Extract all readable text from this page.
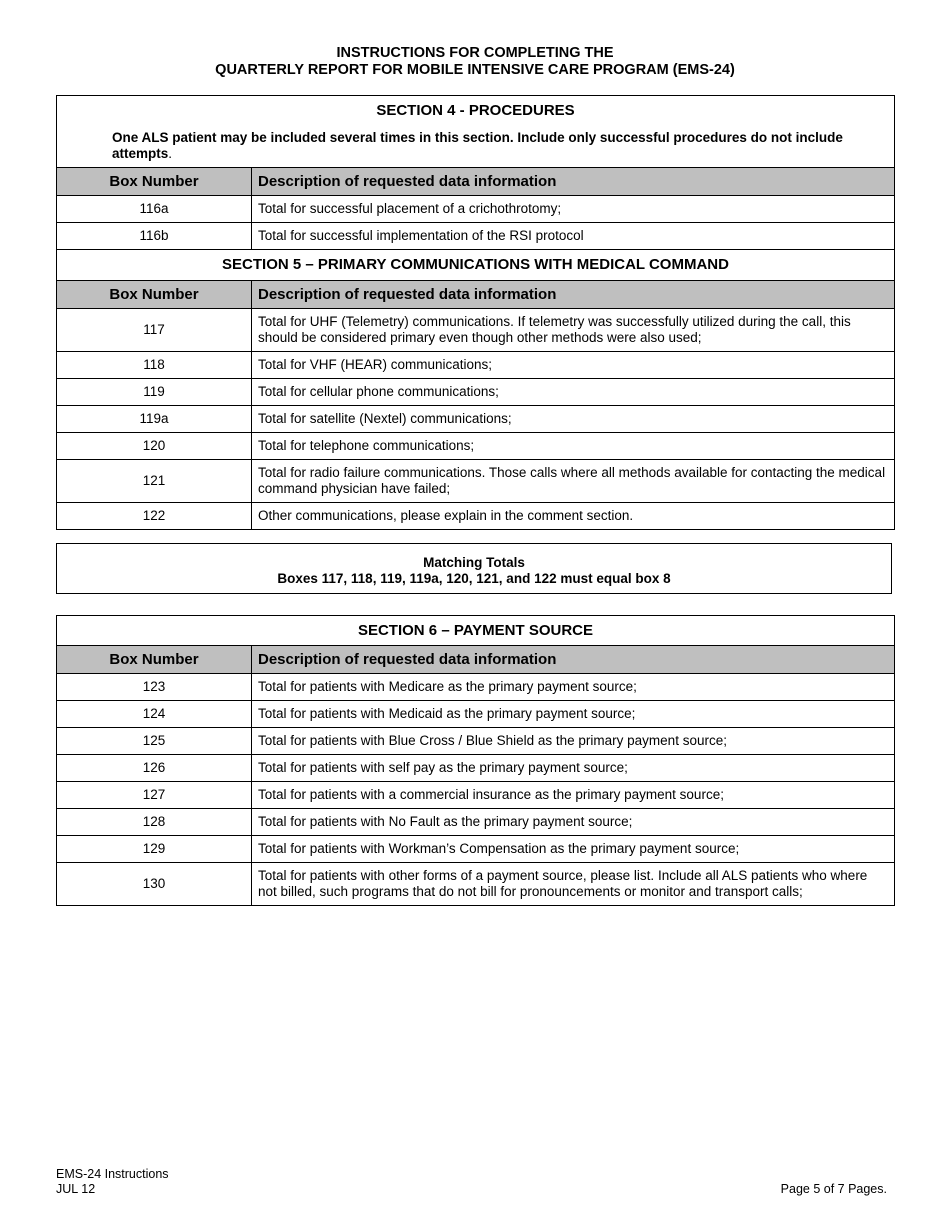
INSTRUCTIONS FOR COMPLETING THE
QUARTERLY REPORT FOR MOBILE INTENSIVE CARE PROGRAM (EMS-24)
SECTION 4 - PROCEDURES
One ALS patient may be included several times in this section. Include only successful procedures do not include attempts.	

Box Number	Description of requested data information
116a	Total for successful placement of a crichothrotomy;
116b	Total for successful implementation of the RSI protocol
SECTION 5 – PRIMARY COMMUNICATIONS WITH MEDICAL COMMAND	
Box Number	Description of requested data information
117	Total for UHF (Telemetry) communications. If telemetry was successfully utilized during the call, this should be considered primary even though other methods were also used;
118	Total for VHF (HEAR) communications;
119	Total for cellular phone communications;
119a	Total for satellite (Nextel) communications;
120	Total for telephone communications;
121	Total for radio failure communications. Those calls where all methods available for contacting the medical command physician have failed;
122	Other communications, please explain in the comment section.
Matching Totals
Boxes 117, 118, 119, 119a, 120, 121, and 122 must equal box 8
SECTION 6 – PAYMENT SOURCE	
Box Number	Description of requested data information
123	Total for patients with Medicare as the primary payment source;
124	Total for patients with Medicaid as the primary payment source;
125	Total for patients with Blue Cross / Blue Shield as the primary payment source;
126	Total for patients with self pay as the primary payment source;
127	Total for patients with a commercial insurance as the primary payment source;
128	Total for patients with No Fault as the primary payment source;
129	Total for patients with Workman’s Compensation as the primary payment source;
130	Total for patients with other forms of a payment source, please list. Include all ALS patients who where not billed, such programs that do not bill for pronouncements or monitor and transport calls;
EMS-24 Instructions
JUL 12	Page 5 of 7 Pages.
